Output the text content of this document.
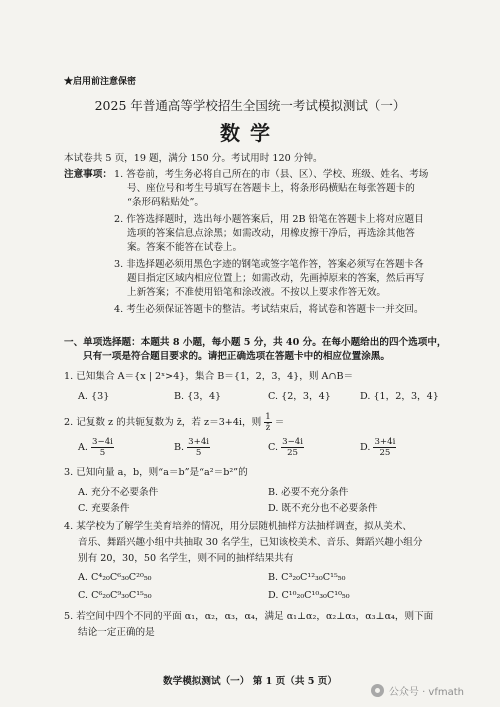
★启用前注意保密
2025 年普通高等学校招生全国统一考试模拟测试（一）
数学
本试卷共 5 页，19 题，满分 150 分。考试用时 120 分钟。
注意事项： 1. 答卷前，考生务必将自己所在的市（县、区）、学校、班级、姓名、考场
号、座位号和考生号填写在答题卡上，将条形码横贴在每张答题卡的
“条形码粘贴处”。
2. 作答选择题时，选出每小题答案后，用 2B 铅笔在答题卡上将对应题目
选项的答案信息点涂黑；如需改动，用橡皮擦干净后，再选涂其他答
案。答案不能答在试卷上。
3. 非选择题必须用黑色字迹的钢笔或签字笔作答，答案必须写在答题卡各
题目指定区域内相应位置上；如需改动，先画掉原来的答案，然后再写
上新答案；不准使用铅笔和涂改液。不按以上要求作答无效。
4. 考生必须保证答题卡的整洁。考试结束后，将试卷和答题卡一并交回。
一、单项选择题：本题共 8 小题，每小题 5 分，共 40 分。在每小题给出的四个选项中，
只有一项是符合题目要求的。请把正确选项在答题卡中的相应位置涂黑。
1. 已知集合 A＝{x | 2ˣ>4}，集合 B＝{1，2，3，4}，则 A∩B＝
A. {3}	B. {3，4}	C. {2，3，4}	D. {1，2，3，4}
2. 记复数 z 的共轭复数为 z̄，若 z＝3+4i，则 $\frac{1}{z̄}$ ＝
A. $\frac{3-4i}{5}$	B. $\frac{3+4i}{5}$	C. $\frac{3-4i}{25}$	D. $\frac{3+4i}{25}$
3. 已知向量 a，b，则“a＝b”是“a²＝b²”的
A. 充分不必要条件	B. 必要不充分条件
C. 充要条件	D. 既不充分也不必要条件
4. 某学校为了解学生美育培养的情况，用分层随机抽样方法抽样调查，拟从美术、
音乐、舞蹈兴趣小组中共抽取 30 名学生，已知该校美术、音乐、舞蹈兴趣小组分
别有 20，30，50 名学生，则不同的抽样结果共有
A. C⁴₂₀C⁶₃₀C²⁰₅₀	B. C³₂₀C¹²₃₀C¹⁵₅₀
C. C⁶₂₀C⁹₃₀C¹⁵₅₀	D. C¹⁰₂₀C¹⁰₃₀C¹⁰₅₀
5. 若空间中四个不同的平面 α₁，α₂，α₃，α₄，满足 α₁⊥α₂，α₂⊥α₃，α₃⊥α₄，则下面
结论一定正确的是
数学模拟测试（一） 第 1 页（共 5 页）
公众号 · vfmath
